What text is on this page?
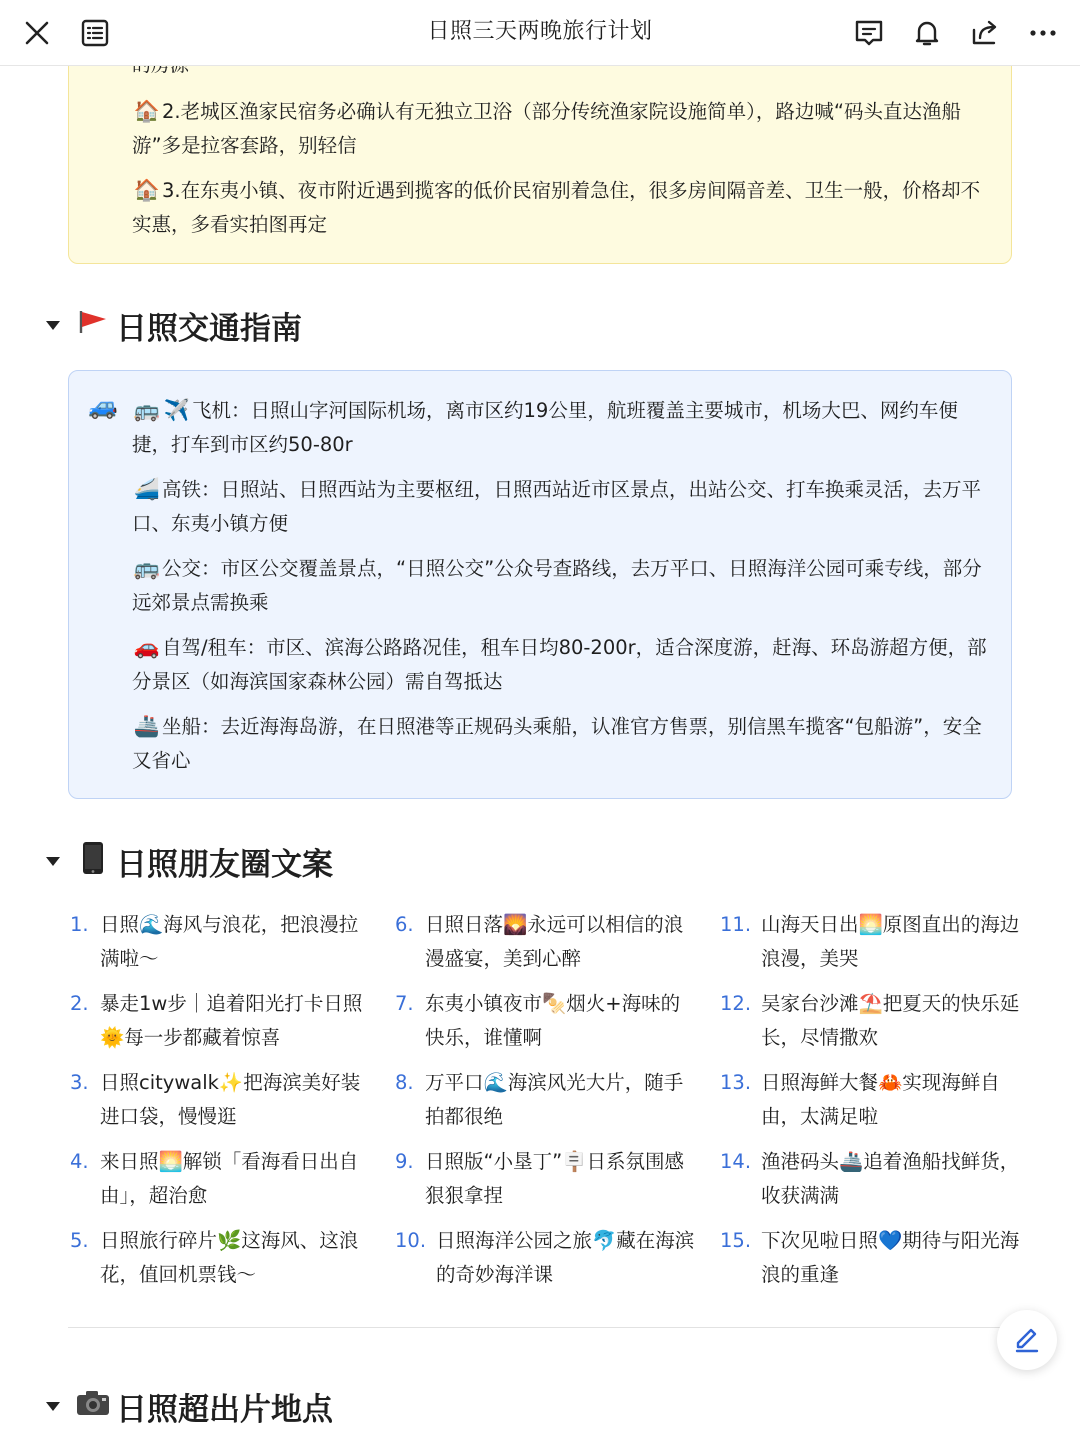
日照三天两晚旅行计划
🏠2.老城区渔家民宿务必确认有无独立卫浴（部分传统渔家院设施简单），路边喊“码头直达渔船游”多是拉客套路，别轻信
🏠3.在东夷小镇、夜市附近遇到揽客的低价民宿别着急住，很多房间隔音差、卫生一般，价格却不实惠，多看实拍图再定
日照交通指南
🚙 🚌 ✈️飞机：日照山字河国际机场，离市区约19公里，航班覆盖主要城市，机场大巴、网约车便捷，打车到市区约50-80r
🚄高铁：日照站、日照西站为主要枢纽，日照西站近市区景点，出站公交、打车换乘灵活，去万平口、东夷小镇方便
🚌公交：市区公交覆盖景点，“日照公交”公众号查路线，去万平口、日照海洋公园可乘专线，部分远郊景点需换乘
🚗自驾/租车：市区、滨海公路路况佳，租车日均80-200r，适合深度游，赶海、环岛游超方便，部分景区（如海滨国家森林公园）需自驾抵达
🚢坐船：去近海海岛游，在日照港等正规码头乘船，认准官方售票，别信黑车揽客“包船游”，安全又省心
日照朋友圈文案
1. 日照🌊海风与浪花，把浪漫拉满啦～
2. 暴走1w步｜追着阳光打卡日照🌞每一步都藏着惊喜
3. 日照citywalk✨把海滨美好装进口袋，慢慢逛
4. 来日照🌅解锁「看海看日出自由」，超治愈
5. 日照旅行碎片🌿这海风、这浪花，值回机票钱～
6. 日照日落🌄永远可以相信的浪漫盛宴，美到心醉
7. 东夷小镇夜市🍢烟火+海味的快乐，谁懂啊
8. 万平口🌊海滨风光大片，随手拍都很绝
9. 日照版“小垦丁”🪧日系氛围感狠狠拿捏
10. 日照海洋公园之旅🐬藏在海滨的奇妙海洋课
11. 山海天日出🌅原图直出的海边浪漫，美哭
12. 吴家台沙滩⛱️把夏天的快乐延长，尽情撒欢
13. 日照海鲜大餐🦀实现海鲜自由，太满足啦
14. 渔港码头🚢追着渔船找鲜货，收获满满
15. 下次见啦日照💙期待与阳光海浪的重逢
日照超出片地点
